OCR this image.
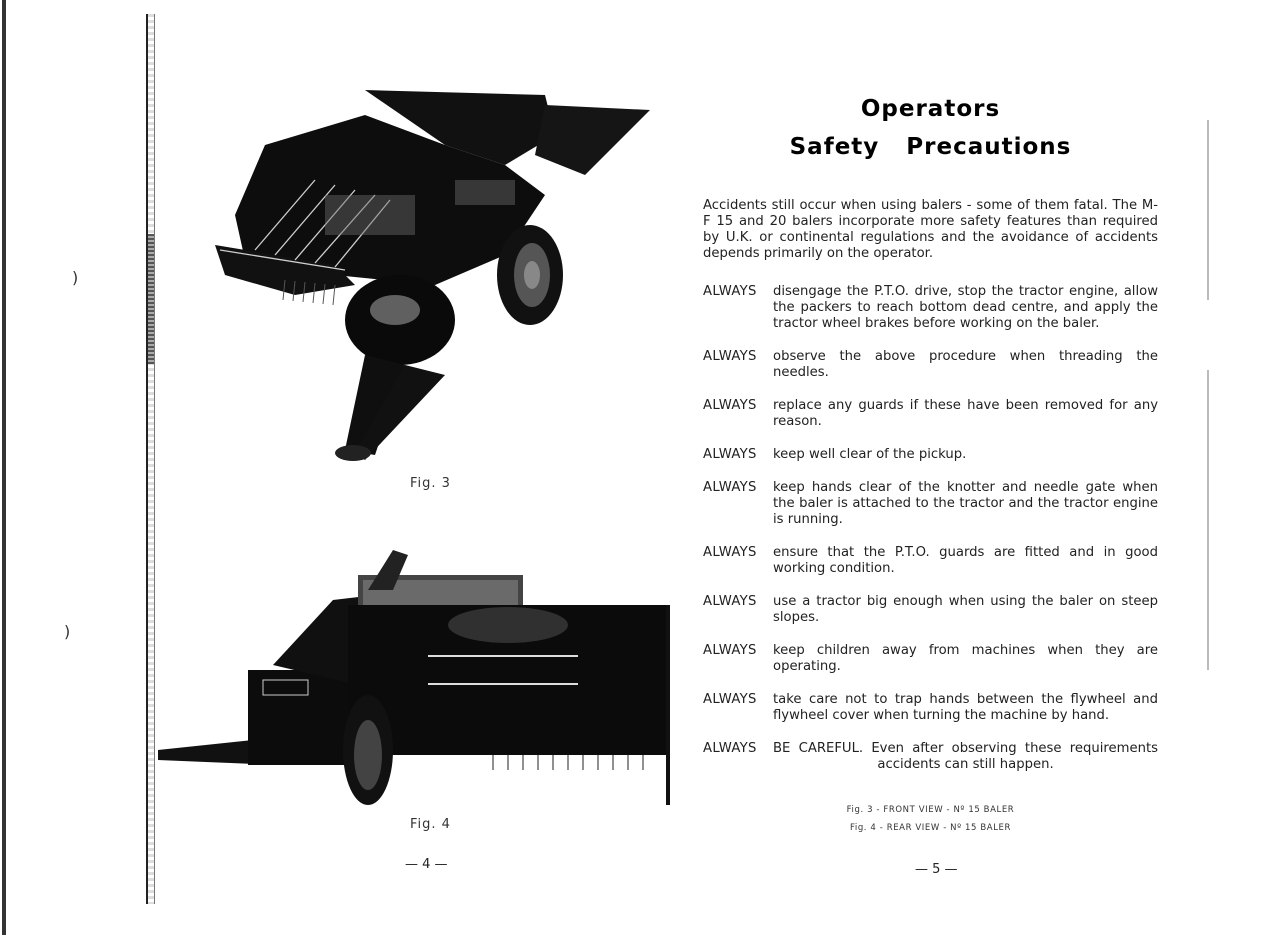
)
)
Fig. 3
Fig. 4
— 4 —
Operators
Safety Precautions

Accidents still occur when using balers - some of them fatal. The M-F 15 and 20 balers incorporate more safety features than required by U.K. or continental regulations and the avoidance of accidents depends primarily on the operator.

ALWAYS	disengage the P.T.O. drive, stop the tractor engine, allow the packers to reach bottom dead centre, and apply the tractor wheel brakes before working on the baler.
ALWAYS	observe the above procedure when threading the needles.
ALWAYS	replace any guards if these have been removed for any reason.
ALWAYS	keep well clear of the pickup.
ALWAYS	keep hands clear of the knotter and needle gate when the baler is attached to the tractor and the tractor engine is running.
ALWAYS	ensure that the P.T.O. guards are fitted and in good working condition.
ALWAYS	use a tractor big enough when using the baler on steep slopes.
ALWAYS	keep children away from machines when they are operating.
ALWAYS	take care not to trap hands between the flywheel and flywheel cover when turning the machine by hand.
ALWAYS	BE CAREFUL. Even after observing these requirements accidents can still happen.
Fig. 3 - FRONT VIEW - Nº 15 BALER
Fig. 4 - REAR VIEW - Nº 15 BALER
— 5 —
